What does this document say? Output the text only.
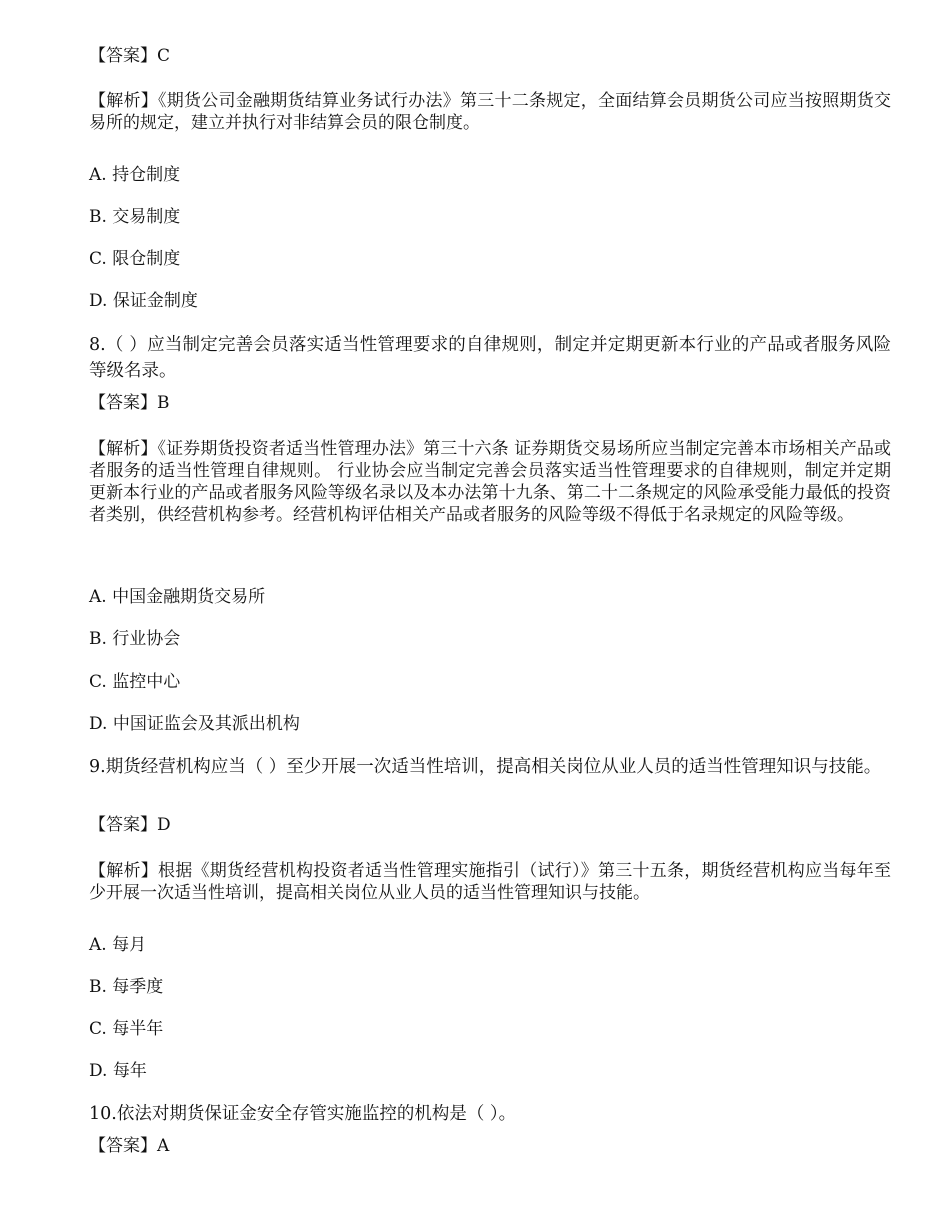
【答案】C
【解析】《期货公司金融期货结算业务试行办法》第三十二条规定，全面结算会员期货公司应当按照期货交易所的规定，建立并执行对非结算会员的限仓制度。
A. 持仓制度
B. 交易制度
C. 限仓制度
D. 保证金制度
8.（ ）应当制定完善会员落实适当性管理要求的自律规则，制定并定期更新本行业的产品或者服务风险等级名录。
【答案】B
【解析】《证券期货投资者适当性管理办法》第三十六条 证券期货交易场所应当制定完善本市场相关产品或者服务的适当性管理自律规则。 行业协会应当制定完善会员落实适当性管理要求的自律规则，制定并定期更新本行业的产品或者服务风险等级名录以及本办法第十九条、第二十二条规定的风险承受能力最低的投资者类别，供经营机构参考。经营机构评估相关产品或者服务的风险等级不得低于名录规定的风险等级。
A. 中国金融期货交易所
B. 行业协会
C. 监控中心
D. 中国证监会及其派出机构
9.期货经营机构应当（ ）至少开展一次适当性培训，提高相关岗位从业人员的适当性管理知识与技能。
【答案】D
【解析】根据《期货经营机构投资者适当性管理实施指引（试行）》第三十五条，期货经营机构应当每年至少开展一次适当性培训，提高相关岗位从业人员的适当性管理知识与技能。
A. 每月
B. 每季度
C. 每半年
D. 每年
10.依法对期货保证金安全存管实施监控的机构是（ ）。
【答案】A
